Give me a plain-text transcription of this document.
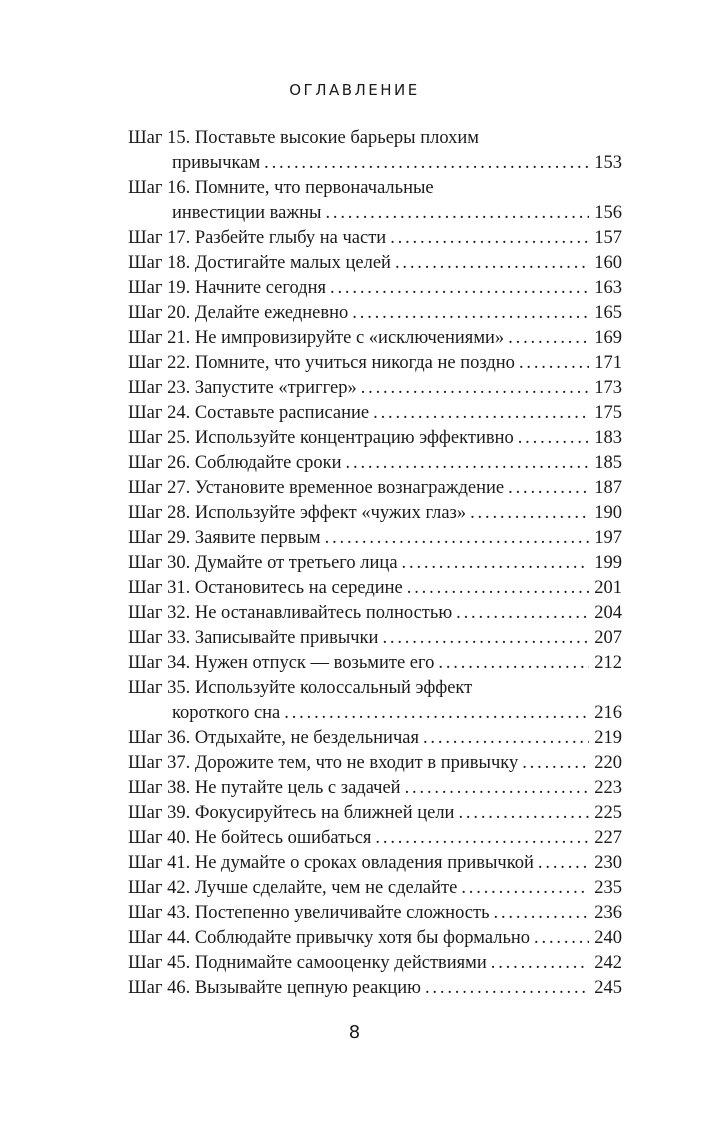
ОГЛАВЛЕНИЕ
Шаг 15. Поставьте высокие барьеры плохим
привычкам . . .	153
Шаг 16. Помните, что первоначальные
инвестиции важны . . .	156
Шаг 17. Разбейте глыбу на части . . .	157
Шаг 18. Достигайте малых целей . . .	160
Шаг 19. Начните сегодня . . .	163
Шаг 20. Делайте ежедневно . . .	165
Шаг 21. Не импровизируйте с «исключениями» . . .	169
Шаг 22. Помните, что учиться никогда не поздно . . .	171
Шаг 23. Запустите «триггер» . . .	173
Шаг 24. Составьте расписание . . .	175
Шаг 25. Используйте концентрацию эффективно . . .	183
Шаг 26. Соблюдайте сроки . . .	185
Шаг 27. Установите временное вознаграждение . . .	187
Шаг 28. Используйте эффект «чужих глаз» . . .	190
Шаг 29. Заявите первым . . .	197
Шаг 30. Думайте от третьего лица . . .	199
Шаг 31. Остановитесь на середине . . .	201
Шаг 32. Не останавливайтесь полностью . . .	204
Шаг 33. Записывайте привычки . . .	207
Шаг 34. Нужен отпуск — возьмите его . . .	212
Шаг 35. Используйте колоссальный эффект
короткого сна . . .	216
Шаг 36. Отдыхайте, не бездельничая . . .	219
Шаг 37. Дорожите тем, что не входит в привычку . . .	220
Шаг 38. Не путайте цель с задачей . . .	223
Шаг 39. Фокусируйтесь на ближней цели . . .	225
Шаг 40. Не бойтесь ошибаться . . .	227
Шаг 41. Не думайте о сроках овладения привычкой . . .	230
Шаг 42. Лучше сделайте, чем не сделайте . . .	235
Шаг 43. Постепенно увеличивайте сложность . . .	236
Шаг 44. Соблюдайте привычку хотя бы формально . . .	240
Шаг 45. Поднимайте самооценку действиями . . .	242
Шаг 46. Вызывайте цепную реакцию . . .	245
8
